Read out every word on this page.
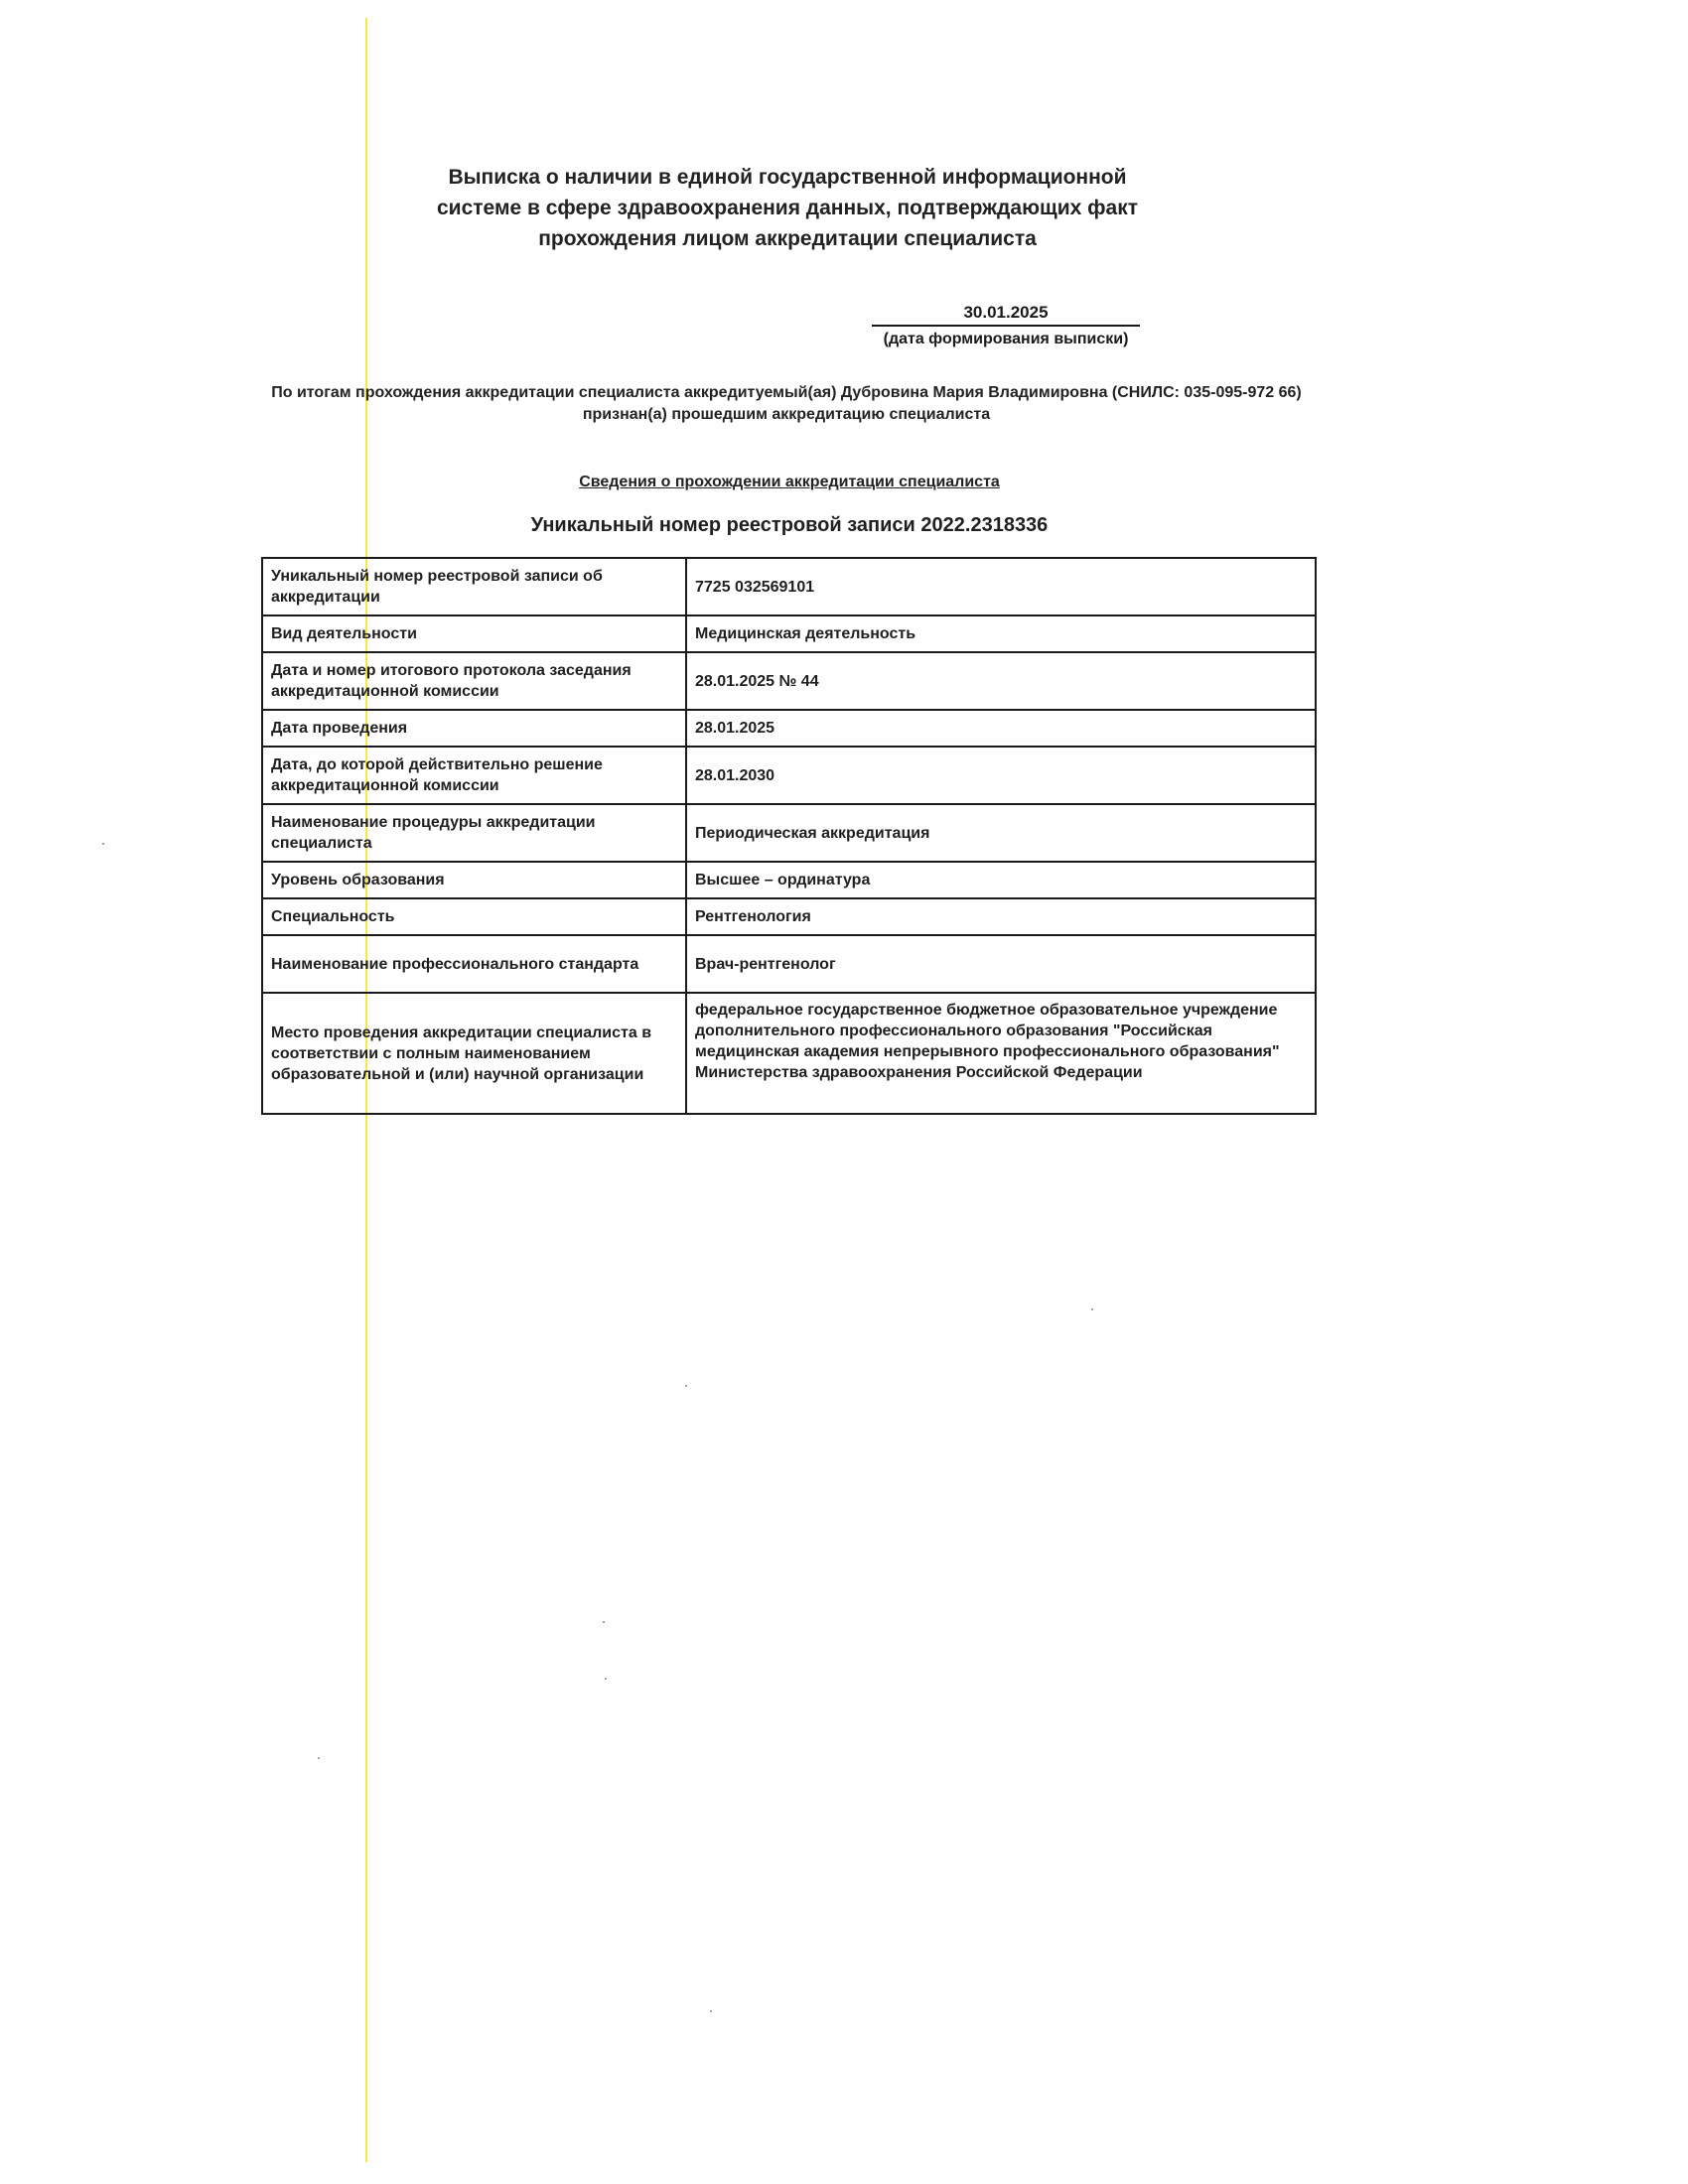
Выписка о наличии в единой государственной информационной системе в сфере здравоохранения данных, подтверждающих факт прохождения лицом аккредитации специалиста
30.01.2025
(дата формирования выписки)
По итогам прохождения аккредитации специалиста аккредитуемый(ая) Дубровина Мария Владимировна (СНИЛС: 035-095-972 66) признан(а) прошедшим аккредитацию специалиста
Сведения о прохождении аккредитации специалиста
Уникальный номер реестровой записи 2022.2318336
Уникальный номер реестровой записи об аккредитации	7725 032569101
Вид деятельности	Медицинская деятельность
Дата и номер итогового протокола заседания аккредитационной комиссии	28.01.2025 № 44
Дата проведения	28.01.2025
Дата, до которой действительно решение аккредитационной комиссии	28.01.2030
Наименование процедуры аккредитации специалиста	Периодическая аккредитация
Уровень образования	Высшее – ординатура
Специальность	Рентгенология
Наименование профессионального стандарта	Врач-рентгенолог
Место проведения аккредитации специалиста в соответствии с полным наименованием образовательной и (или) научной организации	федеральное государственное бюджетное образовательное учреждение дополнительного профессионального образования "Российская медицинская академия непрерывного профессионального образования" Министерства здравоохранения Российской Федерации
